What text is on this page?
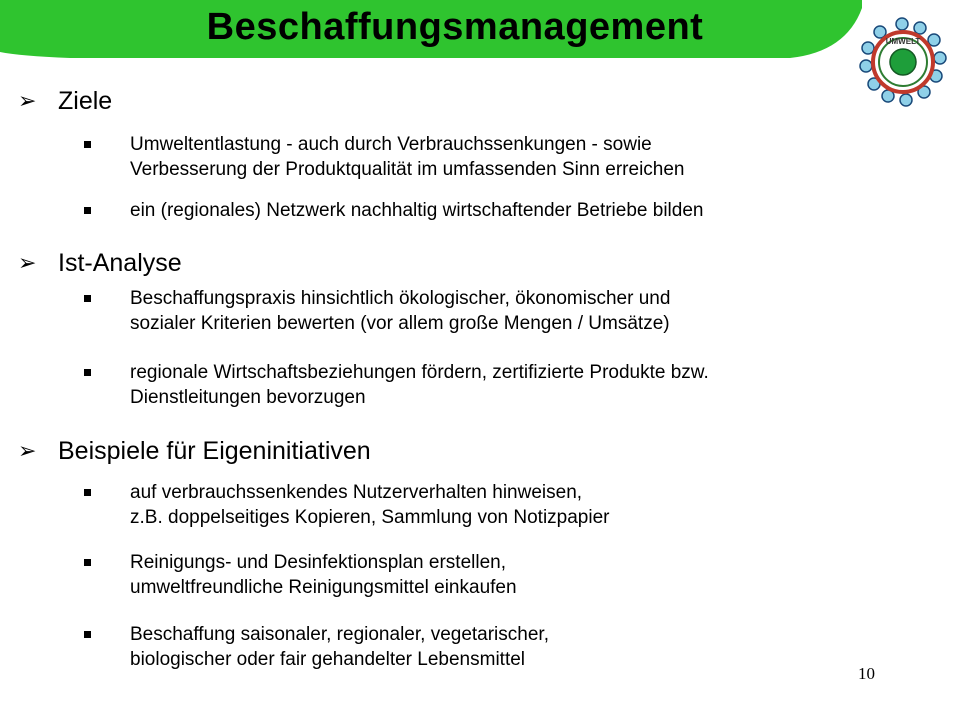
Beschaffungsmanagement	UMWELT
➢ Ziele
Umweltentlastung - auch durch Verbrauchssenkungen - sowie
Verbesserung der Produktqualität im umfassenden Sinn erreichen
ein (regionales) Netzwerk nachhaltig wirtschaftender Betriebe bilden
➢ Ist-Analyse
Beschaffungspraxis hinsichtlich ökologischer, ökonomischer und
sozialer Kriterien bewerten (vor allem große Mengen / Umsätze)
regionale Wirtschaftsbeziehungen fördern, zertifizierte Produkte bzw.
Dienstleitungen bevorzugen
➢ Beispiele für Eigeninitiativen
auf verbrauchssenkendes Nutzerverhalten hinweisen,
z.B. doppelseitiges Kopieren, Sammlung von Notizpapier
Reinigungs- und Desinfektionsplan erstellen,
umweltfreundliche Reinigungsmittel einkaufen
Beschaffung saisonaler, regionaler, vegetarischer,
biologischer oder fair gehandelter Lebensmittel
10
